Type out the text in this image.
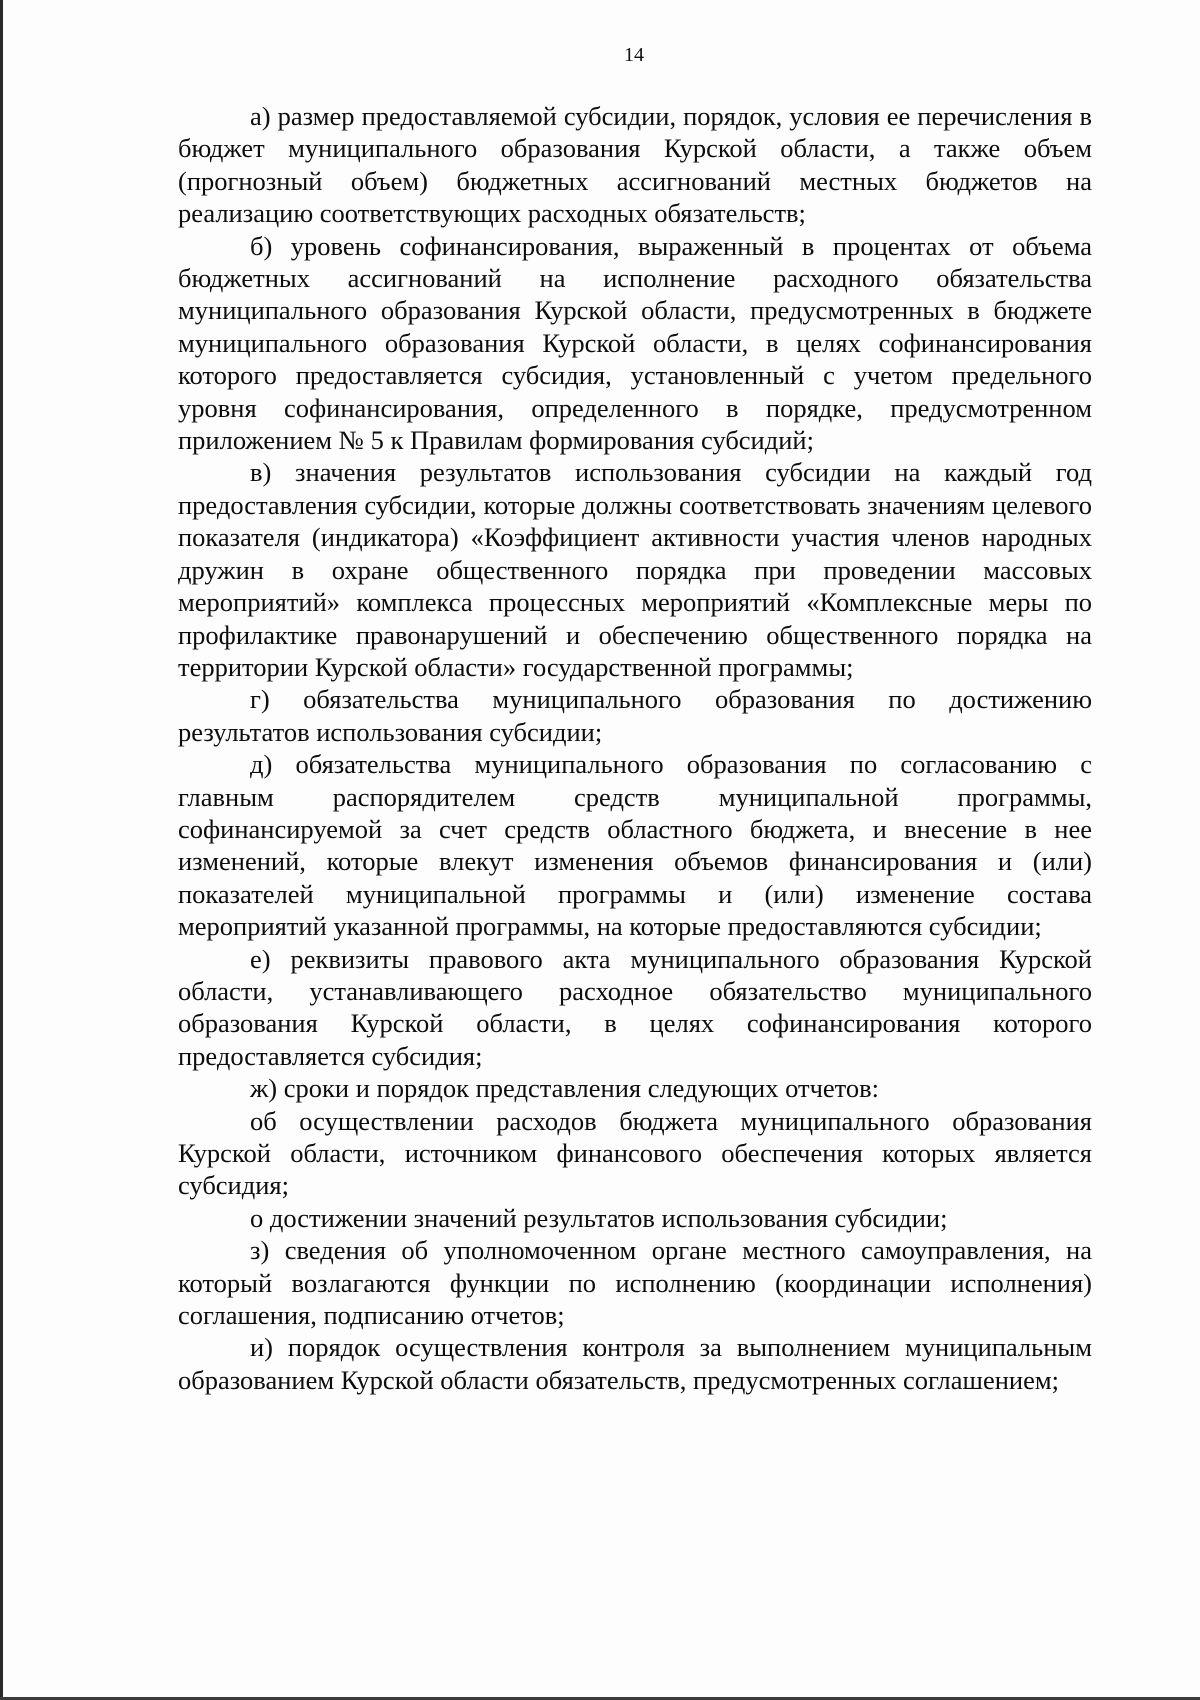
14

а) размер предоставляемой субсидии, порядок, условия ее перечисления в бюджет муниципального образования Курской области, а также объем (прогнозный объем) бюджетных ассигнований местных бюджетов на реализацию соответствующих расходных обязательств;

б) уровень софинансирования, выраженный в процентах от объема бюджетных ассигнований на исполнение расходного обязательства муниципального образования Курской области, предусмотренных в бюджете муниципального образования Курской области, в целях софинансирования которого предоставляется субсидия, установленный с учетом предельного уровня софинансирования, определенного в порядке, предусмотренном приложением № 5 к Правилам формирования субсидий;

в) значения результатов использования субсидии на каждый год предоставления субсидии, которые должны соответствовать значениям целевого показателя (индикатора) «Коэффициент активности участия членов народных дружин в охране общественного порядка при проведении массовых мероприятий» комплекса процессных мероприятий «Комплексные меры по профилактике правонарушений и обеспечению общественного порядка на территории Курской области» государственной программы;

г) обязательства муниципального образования по достижению результатов использования субсидии;

д) обязательства муниципального образования по согласованию с главным распорядителем средств муниципальной программы, софинансируемой за счет средств областного бюджета, и внесение в нее изменений, которые влекут изменения объемов финансирования и (или) показателей муниципальной программы и (или) изменение состава мероприятий указанной программы, на которые предоставляются субсидии;

е) реквизиты правового акта муниципального образования Курской области, устанавливающего расходное обязательство муниципального образования Курской области, в целях софинансирования которого предоставляется субсидия;

ж) сроки и порядок представления следующих отчетов:

об осуществлении расходов бюджета муниципального образования Курской области, источником финансового обеспечения которых является субсидия;

о достижении значений результатов использования субсидии;

з) сведения об уполномоченном органе местного самоуправления, на который возлагаются функции по исполнению (координации исполнения) соглашения, подписанию отчетов;

и) порядок осуществления контроля за выполнением муниципальным образованием Курской области обязательств, предусмотренных соглашением;
